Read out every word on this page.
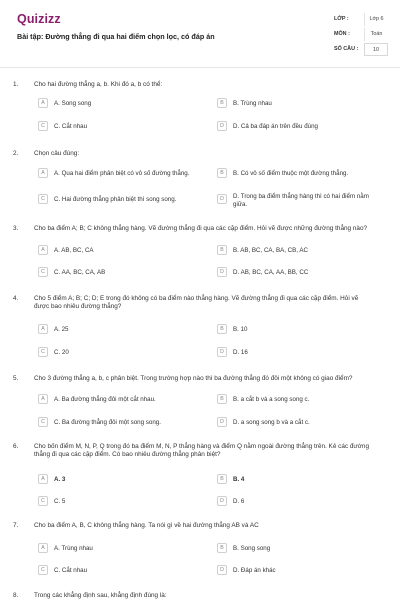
Quizizz
Bài tập: Đường thẳng đi qua hai điểm chọn lọc, có đáp án
LỚP :	Lớp 6
MÔN :	Toán
SỐ CÂU :	10
1. Cho hai đường thẳng a, b. Khi đó a, b có thể:
A	A. Song song	B	B. Trùng nhau
C	C. Cắt nhau	D	D. Cả ba đáp án trên đều đúng
2. Chọn câu đúng:
A	A. Qua hai điểm phân biệt có vô số đường thẳng.	B	B. Có vô số điểm thuộc một đường thẳng.
C	C. Hai đường thẳng phân biệt thì song song.	D	D. Trong ba điểm thẳng hàng thì có hai điểm nằm giữa.
3. Cho ba điểm A; B; C không thẳng hàng. Vẽ đường thẳng đi qua các cặp điểm. Hỏi vẽ được những đường thẳng nào?
A	A. AB, BC, CA	B	B. AB, BC, CA, BA, CB, AC
C	C. AA, BC, CA, AB	D	D. AB, BC, CA, AA, BB, CC
4. Cho 5 điểm A; B; C; D; E trong đó không có ba điểm nào thẳng hàng. Vẽ đường thẳng đi qua các cặp điểm. Hỏi vẽ được bao nhiêu đường thẳng?
A	A. 25	B	B. 10
C	C. 20	D	D. 16
5. Cho 3 đường thẳng a, b, c phân biệt. Trong trường hợp nào thì ba đường thẳng đó đôi một không có giao điểm?
A	A. Ba đường thẳng đôi một cắt nhau.	B	B. a cắt b và a song song c.
C	C. Ba đường thẳng đôi một song song.	D	D. a song song b và a cắt c.
6. Cho bốn điểm M, N, P, Q trong đó ba điểm M, N, P thẳng hàng và điểm Q nằm ngoài đường thẳng trên. Kẻ các đường thẳng đi qua các cặp điểm. Có bao nhiêu đường thẳng phân biệt?
A	A. 3	B	B. 4
C	C. 5	D	D. 6
7. Cho ba điểm A, B, C không thẳng hàng. Ta nói gì về hai đường thẳng AB và AC
A	A. Trùng nhau	B	B. Song song
C	C. Cắt nhau	D	D. Đáp án khác
8. Trong các khẳng định sau, khẳng định đúng là:
